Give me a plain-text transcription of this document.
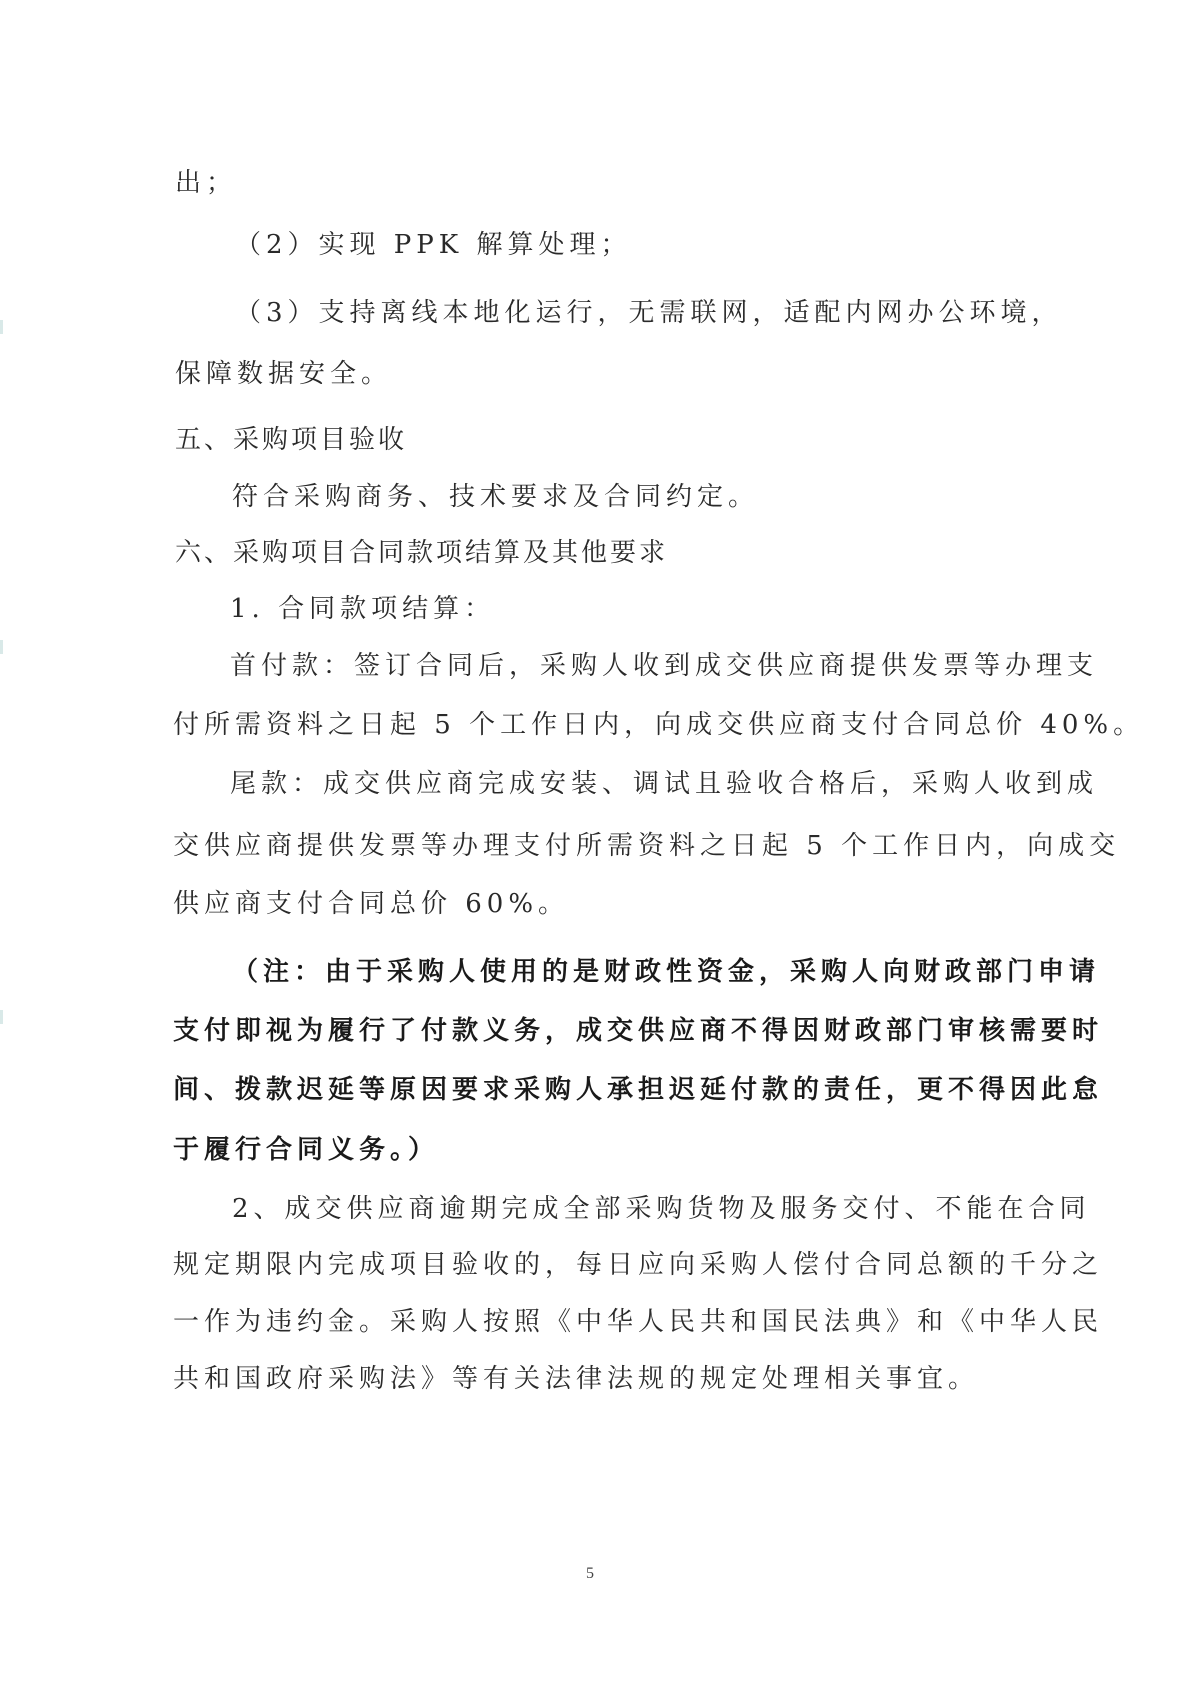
出；
（2）实现 PPK 解算处理；
（3）支持离线本地化运行，无需联网，适配内网办公环境，
保障数据安全。
五、采购项目验收
符合采购商务、技术要求及合同约定。
六、采购项目合同款项结算及其他要求
1. 合同款项结算：
首付款：签订合同后，采购人收到成交供应商提供发票等办理支
付所需资料之日起 5 个工作日内，向成交供应商支付合同总价 40%。
尾款：成交供应商完成安装、调试且验收合格后，采购人收到成
交供应商提供发票等办理支付所需资料之日起 5 个工作日内，向成交
供应商支付合同总价 60%。
（注：由于采购人使用的是财政性资金，采购人向财政部门申请
支付即视为履行了付款义务，成交供应商不得因财政部门审核需要时
间、拨款迟延等原因要求采购人承担迟延付款的责任，更不得因此怠
于履行合同义务。）
2、成交供应商逾期完成全部采购货物及服务交付、不能在合同
规定期限内完成项目验收的，每日应向采购人偿付合同总额的千分之
一作为违约金。采购人按照《中华人民共和国民法典》和《中华人民
共和国政府采购法》等有关法律法规的规定处理相关事宜。
5
